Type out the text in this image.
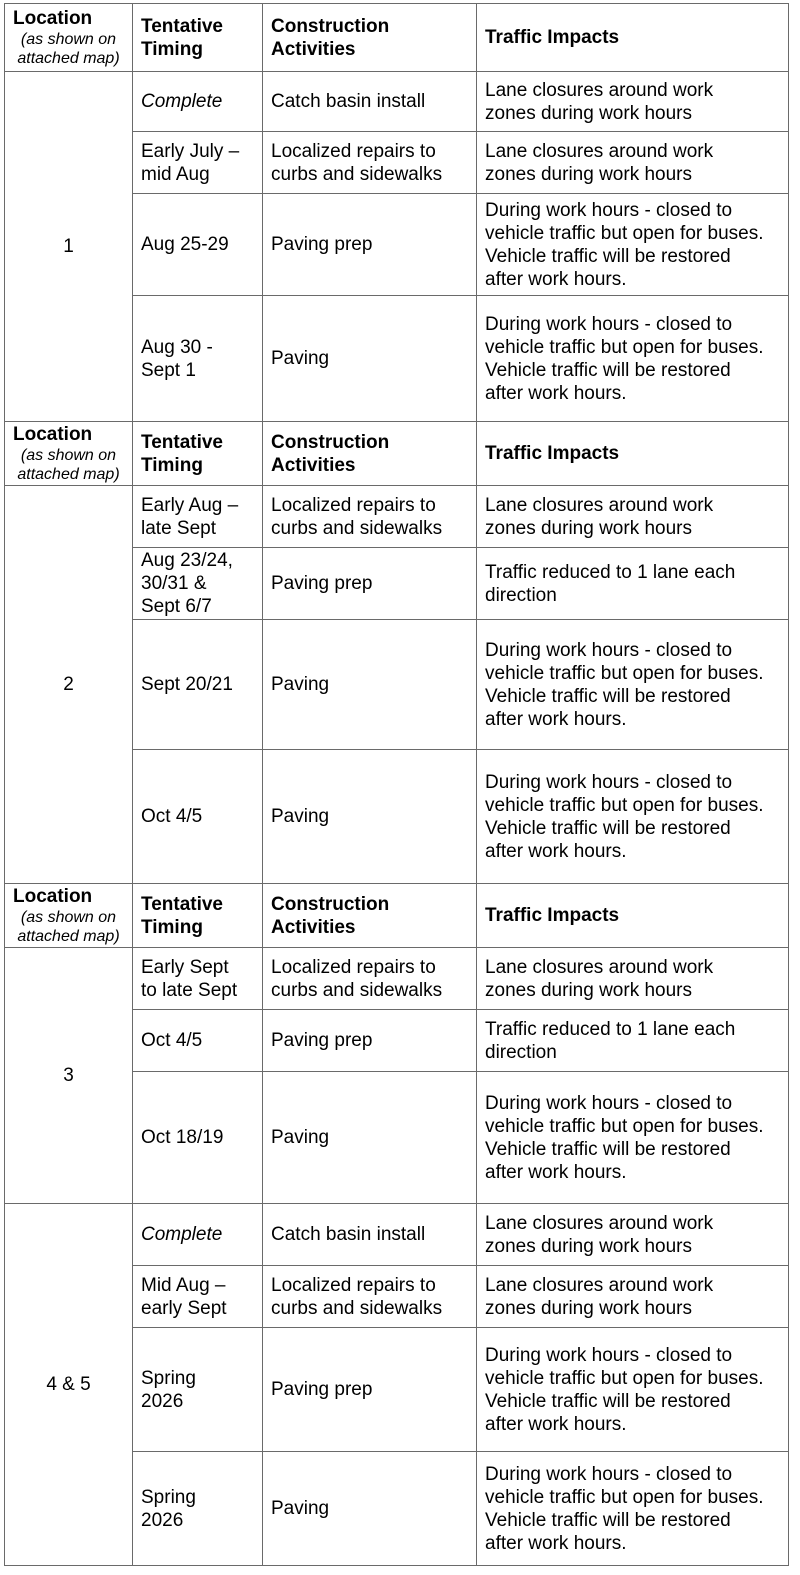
Location
(as shown on
attached map)	Tentative
Timing	Construction
Activities	Traffic Impacts

1	Complete	Catch basin install	Lane closures around work
zones during work hours

	Early July –
mid Aug	Localized repairs to
curbs and sidewalks	Lane closures around work
zones during work hours

	Aug 25-29	Paving prep	During work hours - closed to
vehicle traffic but open for buses.
Vehicle traffic will be restored
after work hours.

	Aug 30 -
Sept 1	Paving	During work hours - closed to
vehicle traffic but open for buses.
Vehicle traffic will be restored
after work hours.

Location
(as shown on
attached map)	Tentative
Timing	Construction
Activities	Traffic Impacts

2	Early Aug –
late Sept	Localized repairs to
curbs and sidewalks	Lane closures around work
zones during work hours

	Aug 23/24,
30/31 &
Sept 6/7	Paving prep	Traffic reduced to 1 lane each
direction

	Sept 20/21	Paving	During work hours - closed to
vehicle traffic but open for buses.
Vehicle traffic will be restored
after work hours.

	Oct 4/5	Paving	During work hours - closed to
vehicle traffic but open for buses.
Vehicle traffic will be restored
after work hours.

Location
(as shown on
attached map)	Tentative
Timing	Construction
Activities	Traffic Impacts

3	Early Sept
to late Sept	Localized repairs to
curbs and sidewalks	Lane closures around work
zones during work hours

	Oct 4/5	Paving prep	Traffic reduced to 1 lane each
direction

	Oct 18/19	Paving	During work hours - closed to
vehicle traffic but open for buses.
Vehicle traffic will be restored
after work hours.

4 & 5	Complete	Catch basin install	Lane closures around work
zones during work hours

	Mid Aug –
early Sept	Localized repairs to
curbs and sidewalks	Lane closures around work
zones during work hours

	Spring
2026	Paving prep	During work hours - closed to
vehicle traffic but open for buses.
Vehicle traffic will be restored
after work hours.

	Spring
2026	Paving	During work hours - closed to
vehicle traffic but open for buses.
Vehicle traffic will be restored
after work hours.
